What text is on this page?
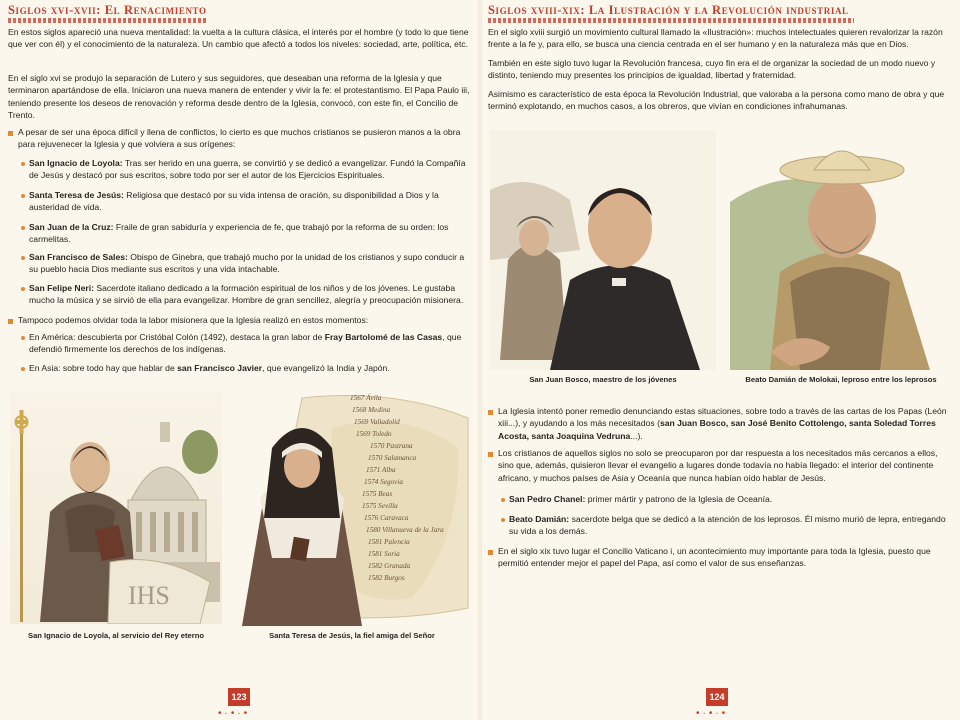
Siglos xvi-xvii: El Renacimiento
En estos siglos apareció una nueva mentalidad: la vuelta a la cultura clásica, el interés por el hombre (y todo lo que tiene que ver con él) y el conocimiento de la naturaleza. Un cambio que afectó a todos los niveles: sociedad, arte, política, etc.
En el siglo xvi se produjo la separación de Lutero y sus seguidores, que deseaban una reforma de la Iglesia y que terminaron apartándose de ella. Iniciaron una nueva manera de entender y vivir la fe: el protestantismo. El Papa Paulo iii, teniendo presente los deseos de renovación y reforma desde dentro de la Iglesia, convocó, con este fin, el Concilio de Trento.
A pesar de ser una época difícil y llena de conflictos, lo cierto es que muchos cristianos se pusieron manos a la obra para rejuvenecer la Iglesia y que volviera a sus orígenes:
San Ignacio de Loyola: Tras ser herido en una guerra, se convirtió y se dedicó a evangelizar. Fundó la Compañía de Jesús y destacó por sus escritos, sobre todo por ser el autor de los Ejercicios Espirituales.
Santa Teresa de Jesús: Religiosa que destacó por su vida intensa de oración, su disponibilidad a Dios y la austeridad de vida.
San Juan de la Cruz: Fraile de gran sabiduría y experiencia de fe, que trabajó por la reforma de su orden: los carmelitas.
San Francisco de Sales: Obispo de Ginebra, que trabajó mucho por la unidad de los cristianos y supo conducir a su pueblo hacia Dios mediante sus escritos y una vida intachable.
San Felipe Neri: Sacerdote italiano dedicado a la formación espiritual de los niños y de los jóvenes. Le gustaba mucho la música y se sirvió de ella para evangelizar. Hombre de gran sencillez, alegría y preocupación misionera.
Tampoco podemos olvidar toda la labor misionera que la Iglesia realizó en estos momentos:
En América: descubierta por Cristóbal Colón (1492), destaca la gran labor de Fray Bartolomé de las Casas, que defendió firmemente los derechos de los indígenas.
En Asia: sobre todo hay que hablar de san Francisco Javier, que evangelizó la India y Japón.
IHS
San Ignacio de Loyola, al servicio del Rey eterno
1567 Ávila
1568 Medina
1569 Valladolid
1569 Toledo
1570 Pastrana
1570 Salamanca
1571 Alba
1574 Segovia
1575 Beas
1575 Sevilla
1576 Caravaca
1580 Villanueva de la Jara
1581 Palencia
1581 Soria
1582 Granada
1582 Burgos
Santa Teresa de Jesús, la fiel amiga del Señor
123
•·•·•
Siglos xviii-xix: La Ilustración y la Revolución industrial
En el siglo xviii surgió un movimiento cultural llamado la «Ilustración»: muchos intelectuales quieren revalorizar la razón frente a la fe y, para ello, se busca una ciencia centrada en el ser humano y en la naturaleza más que en Dios.
También en este siglo tuvo lugar la Revolución francesa, cuyo fin era el de organizar la sociedad de un modo nuevo y distinto, teniendo muy presentes los principios de igualdad, libertad y fraternidad.
Asimismo es característico de esta época la Revolución Industrial, que valoraba a la persona como mano de obra y que terminó explotando, en muchos casos, a los obreros, que vivían en condiciones infrahumanas.
San Juan Bosco, maestro de los jóvenes	Beato Damián de Molokai, leproso entre los leprosos
La Iglesia intentó poner remedio denunciando estas situaciones, sobre todo a través de las cartas de los Papas (León xiii...), y ayudando a los más necesitados (san Juan Bosco, san José Benito Cottolengo, santa Soledad Torres Acosta, santa Joaquina Vedruna...).
Los cristianos de aquellos siglos no solo se preocuparon por dar respuesta a los necesitados más cercanos a ellos, sino que, además, quisieron llevar el evangelio a lugares donde todavía no había llegado: el interior del continente africano, y muchos países de Asia y Oceanía que nunca habían oído hablar de Jesús.
San Pedro Chanel: primer mártir y patrono de la Iglesia de Oceanía.
Beato Damián: sacerdote belga que se dedicó a la atención de los leprosos. Él mismo murió de lepra, entregando su vida a los demás.
En el siglo xix tuvo lugar el Concilio Vaticano i, un acontecimiento muy importante para toda la Iglesia, puesto que permitió entender mejor el papel del Papa, así como el valor de sus enseñanzas.
124
•·•·•
